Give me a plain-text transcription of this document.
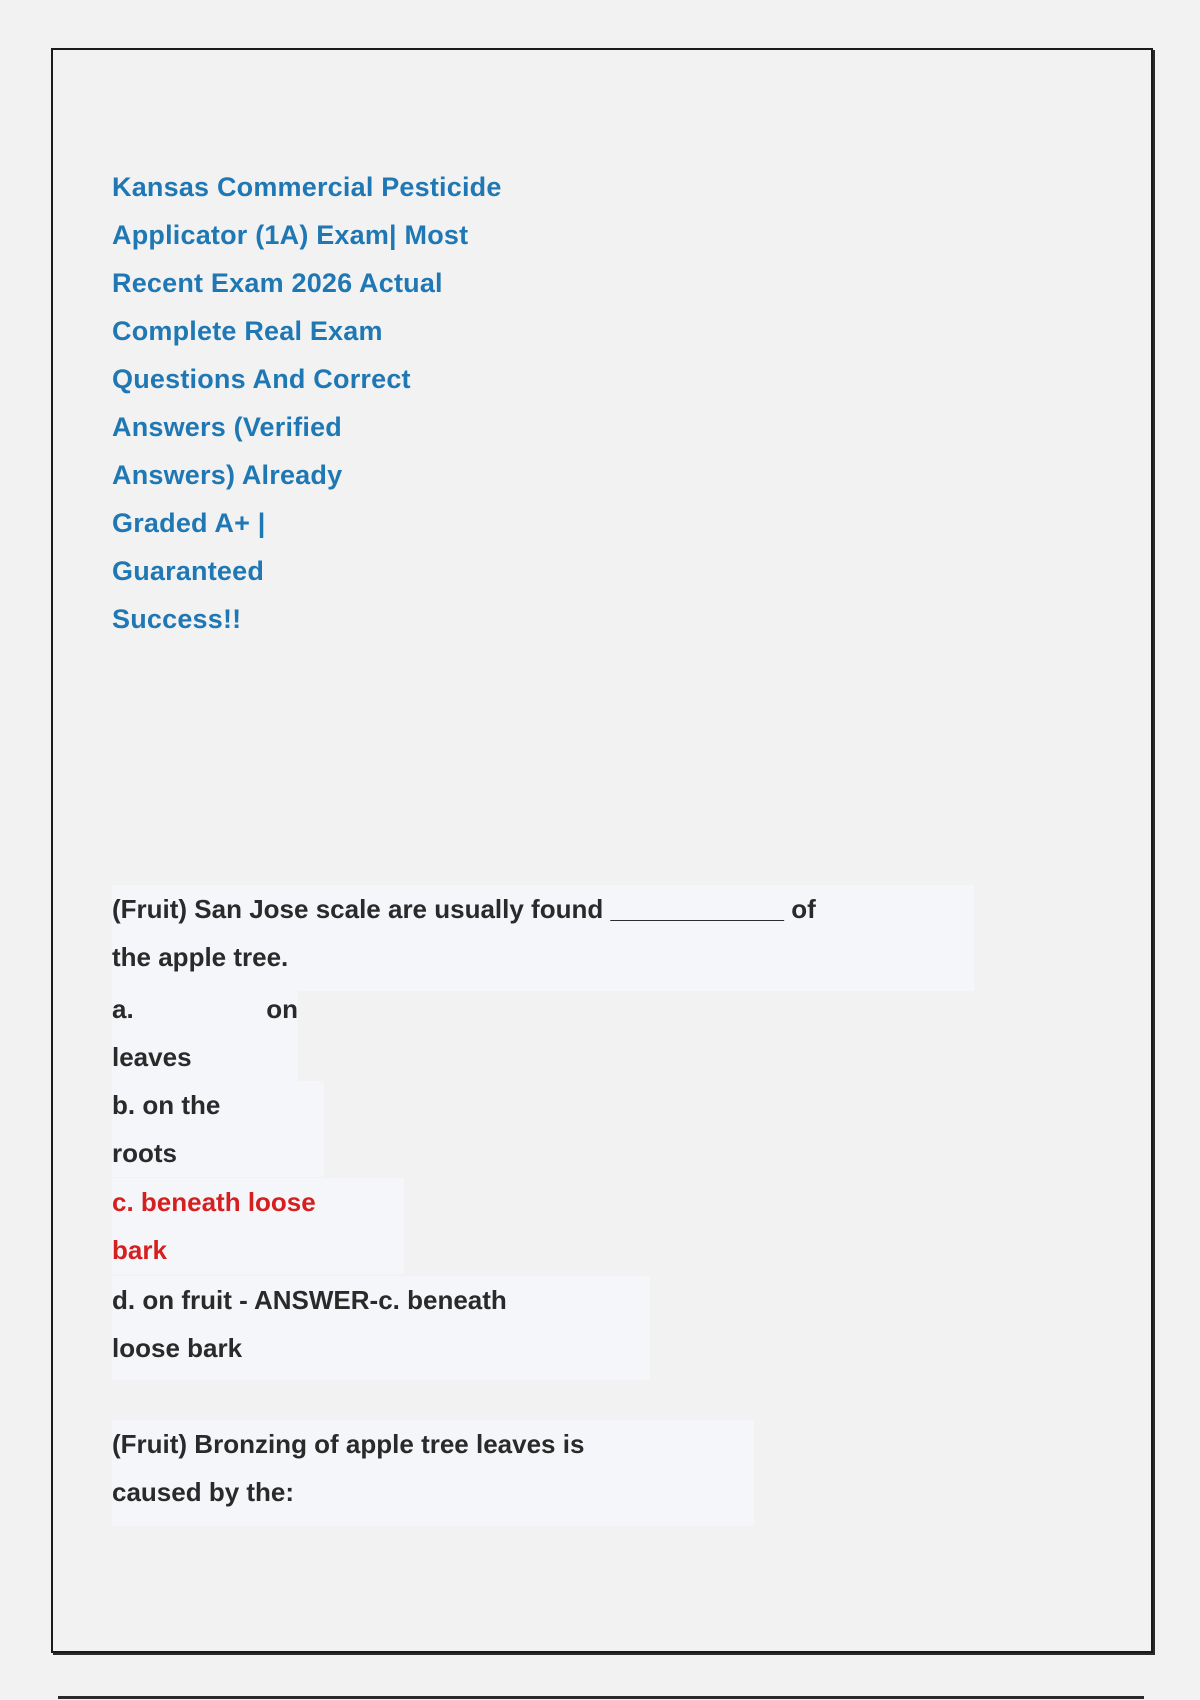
Kansas Commercial Pesticide
Applicator (1A) Exam| Most
Recent Exam 2026 Actual
Complete Real Exam
Questions And Correct
Answers (Verified
Answers) Already
Graded A+ |
Guaranteed
Success!!
(Fruit) San Jose scale are usually found ____________ of
the apple tree.
a.	on
leaves
b. on the
roots
c. beneath loose
bark
d. on fruit - ANSWER-c. beneath
loose bark
(Fruit) Bronzing of apple tree leaves is
caused by the:
